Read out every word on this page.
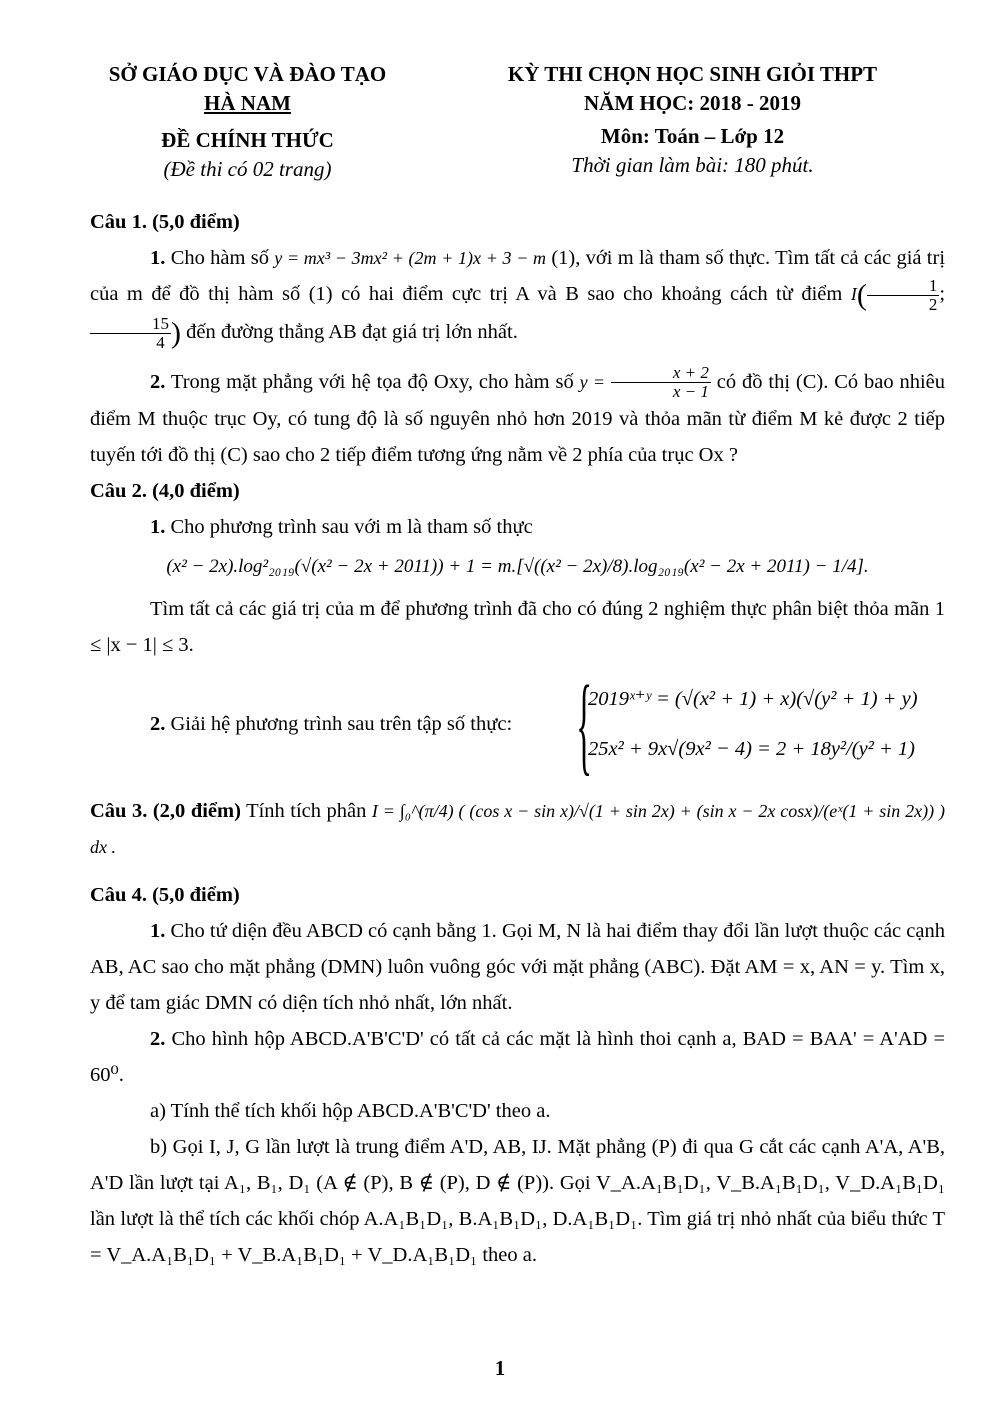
SỞ GIÁO DỤC VÀ ĐÀO TẠO
HÀ NAM
ĐỀ CHÍNH THỨC
(Đề thi có 02 trang)
KỲ THI CHỌN HỌC SINH GIỎI THPT
NĂM HỌC: 2018 - 2019
Môn: Toán – Lớp 12
Thời gian làm bài: 180 phút.

Câu 1. (5,0 điểm)

1. Cho hàm số y = mx³ − 3mx² + (2m + 1)x + 3 − m (1), với m là tham số thực. Tìm tất cả các giá trị của m để đồ thị hàm số (1) có hai điểm cực trị A và B sao cho khoảng cách từ điểm $I( \frac{1}{2}$ ;
$\frac{15}{4}$ ) đến đường thẳng AB đạt giá trị lớn nhất.

2. Trong mặt phẳng với hệ tọa độ Oxy, cho hàm số $y = \frac{x + 2}{x - 1}$ có đồ thị (C). Có bao nhiêu điểm M thuộc trục Oy, có tung độ là số nguyên nhỏ hơn 2019 và thỏa mãn từ điểm M kẻ được 2 tiếp tuyến tới đồ thị (C) sao cho 2 tiếp điểm tương ứng nằm về 2 phía của trục Ox ?

Câu 2. (4,0 điểm)

1. Cho phương trình sau với m là tham số thực

(x² − 2x).log²₂₀₁₉(√(x² − 2x + 2011)) + 1 = m.[√((x² − 2x)/8).log₂₀₁₉(x² − 2x + 2011) − 1/4].

Tìm tất cả các giá trị của m để phương trình đã cho có đúng 2 nghiệm thực phân biệt thỏa mãn 1 ≤ |x − 1| ≤ 3.

2. Giải hệ phương trình sau trên tập số thực: {
2019ˣ⁺ʸ = (√(x² + 1) + x)(√(y² + 1) + y)
25x² + 9x√(9x² − 4) = 2 + 18y²/(y² + 1)

Câu 3. (2,0 điểm) Tính tích phân I = ∫₀^(π/4) ( (cos x − sin x)/√(1 + sin 2x) + (sin x − 2x cosx)/(eˣ(1 + sin 2x)) ) dx .

Câu 4. (5,0 điểm)

1. Cho tứ diện đều ABCD có cạnh bằng 1. Gọi M, N là hai điểm thay đổi lần lượt thuộc các cạnh AB, AC sao cho mặt phẳng (DMN) luôn vuông góc với mặt phẳng (ABC). Đặt AM = x, AN = y. Tìm x, y để tam giác DMN có diện tích nhỏ nhất, lớn nhất.

2. Cho hình hộp ABCD.A'B'C'D' có tất cả các mặt là hình thoi cạnh a, BAD = BAA' = A'AD = 60⁰.

a) Tính thể tích khối hộp ABCD.A'B'C'D' theo a.

b) Gọi I, J, G lần lượt là trung điểm A'D, AB, IJ. Mặt phẳng (P) đi qua G cắt các cạnh A'A, A'B, A'D lần lượt tại A₁, B₁, D₁ (A ∉ (P), B ∉ (P), D ∉ (P)). Gọi V_A.A₁B₁D₁, V_B.A₁B₁D₁, V_D.A₁B₁D₁ lần lượt là thể tích các khối chóp A.A₁B₁D₁, B.A₁B₁D₁, D.A₁B₁D₁. Tìm giá trị nhỏ nhất của biểu thức T = V_A.A₁B₁D₁ + V_B.A₁B₁D₁ + V_D.A₁B₁D₁ theo a.

1
